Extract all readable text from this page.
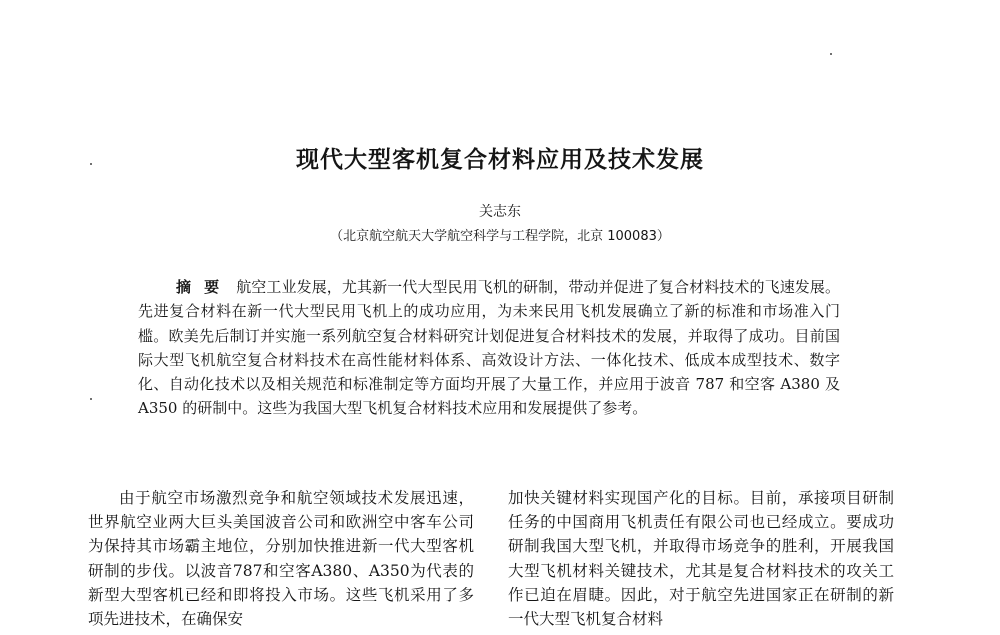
现代大型客机复合材料应用及技术发展
关志东
（北京航空航天大学航空科学与工程学院，北京 100083）
摘要 航空工业发展，尤其新一代大型民用飞机的研制，带动并促进了复合材料技术的飞速发展。先进复合材料在新一代大型民用飞机上的成功应用，为未来民用飞机发展确立了新的标准和市场准入门槛。欧美先后制订并实施一系列航空复合材料研究计划促进复合材料技术的发展，并取得了成功。目前国际大型飞机航空复合材料技术在高性能材料体系、高效设计方法、一体化技术、低成本成型技术、数字化、自动化技术以及相关规范和标准制定等方面均开展了大量工作，并应用于波音 787 和空客 A380 及 A350 的研制中。这些为我国大型飞机复合材料技术应用和发展提供了参考。
由于航空市场激烈竞争和航空领域技术发展迅速，世界航空业两大巨头美国波音公司和欧洲空中客车公司为保持其市场霸主地位，分别加快推进新一代大型客机研制的步伐。以波音787和空客A380、A350为代表的新型大型客机已经和即将投入市场。这些飞机采用了多项先进技术，在确保安
加快关键材料实现国产化的目标。目前，承接项目研制任务的中国商用飞机责任有限公司也已经成立。要成功研制我国大型飞机，并取得市场竞争的胜利，开展我国大型飞机材料关键技术，尤其是复合材料技术的攻关工作已迫在眉睫。因此，对于航空先进国家正在研制的新一代大型飞机复合材料
